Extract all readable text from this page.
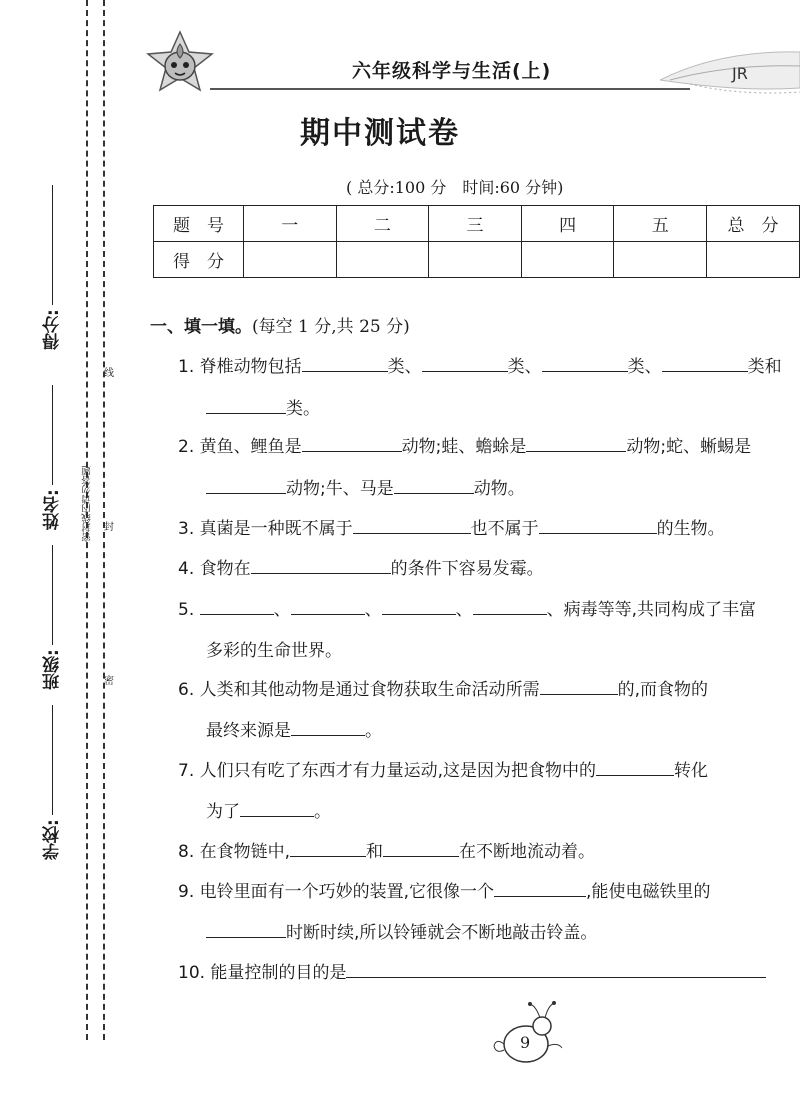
学校:
班级:
姓名:
得分:
线
封
密
密封线内请勿答题
六年级科学与生活(上)	JR
期中测试卷
( 总分:100 分　时间:60 分钟)
题　号	一	二	三	四	五	总　分
得　分						
一、填一填。(每空 1 分,共 25 分)
1. 脊椎动物包括	类、	类、	类、	类和
类。
2. 黄鱼、鲤鱼是	动物;蛙、蟾蜍是	动物;蛇、蜥蜴是
动物;牛、马是	动物。
3. 真菌是一种既不属于	也不属于	的生物。
4. 食物在	的条件下容易发霉。
5.	、	、	、	、病毒等等,共同构成了丰富
多彩的生命世界。
6. 人类和其他动物是通过食物获取生命活动所需	的,而食物的
最终来源是	。
7. 人们只有吃了东西才有力量运动,这是因为把食物中的	转化
为了	。
8. 在食物链中,	和	在不断地流动着。
9. 电铃里面有一个巧妙的装置,它很像一个	,能使电磁铁里的
时断时续,所以铃锤就会不断地敲击铃盖。
10. 能量控制的目的是
9
